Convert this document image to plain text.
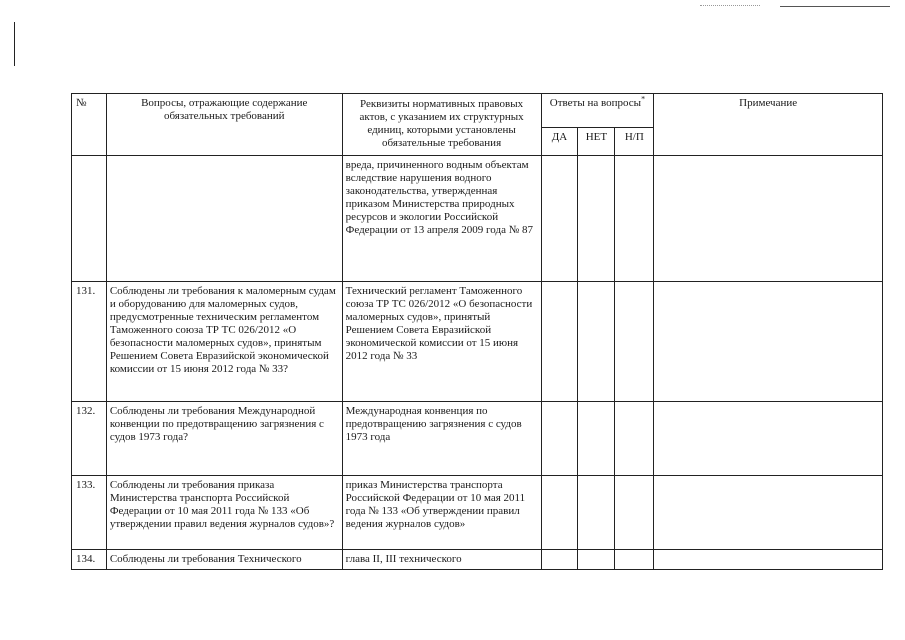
№	Вопросы, отражающие содержание обязательных требований	Реквизиты нормативных правовых актов, с указанием их структурных единиц, которыми установлены обязательные требования	Ответы на вопросы*			Примечание
			ДА	НЕТ	Н/П	
		вреда, причиненного водным объектам вследствие нарушения водного законодательства, утвержденная приказом Министерства природных ресурсов и экологии Российской Федерации от 13 апреля 2009 года № 87				
131.	Соблюдены ли требования к маломерным судам и оборудованию для маломерных судов, предусмотренные техническим регламентом Таможенного союза ТР ТС 026/2012 «О безопасности маломерных судов», принятым Решением Совета Евразийской экономической комиссии от 15 июня 2012 года № 33?	Технический регламент Таможенного союза ТР ТС 026/2012 «О безопасности маломерных судов», принятый Решением Совета Евразийской экономической комиссии от 15 июня 2012 года № 33				
132.	Соблюдены ли требования Международной конвенции по предотвращению загрязнения с судов 1973 года?	Международная конвенция по предотвращению загрязнения с судов 1973 года				
133.	Соблюдены ли требования приказа Министерства транспорта Российской Федерации от 10 мая 2011 года № 133 «Об утверждении правил ведения журналов судов»?	приказ Министерства транспорта Российской Федерации от 10 мая 2011 года № 133 «Об утверждении правил ведения журналов судов»				
134.	Соблюдены ли требования Технического	глава II, III технического				
